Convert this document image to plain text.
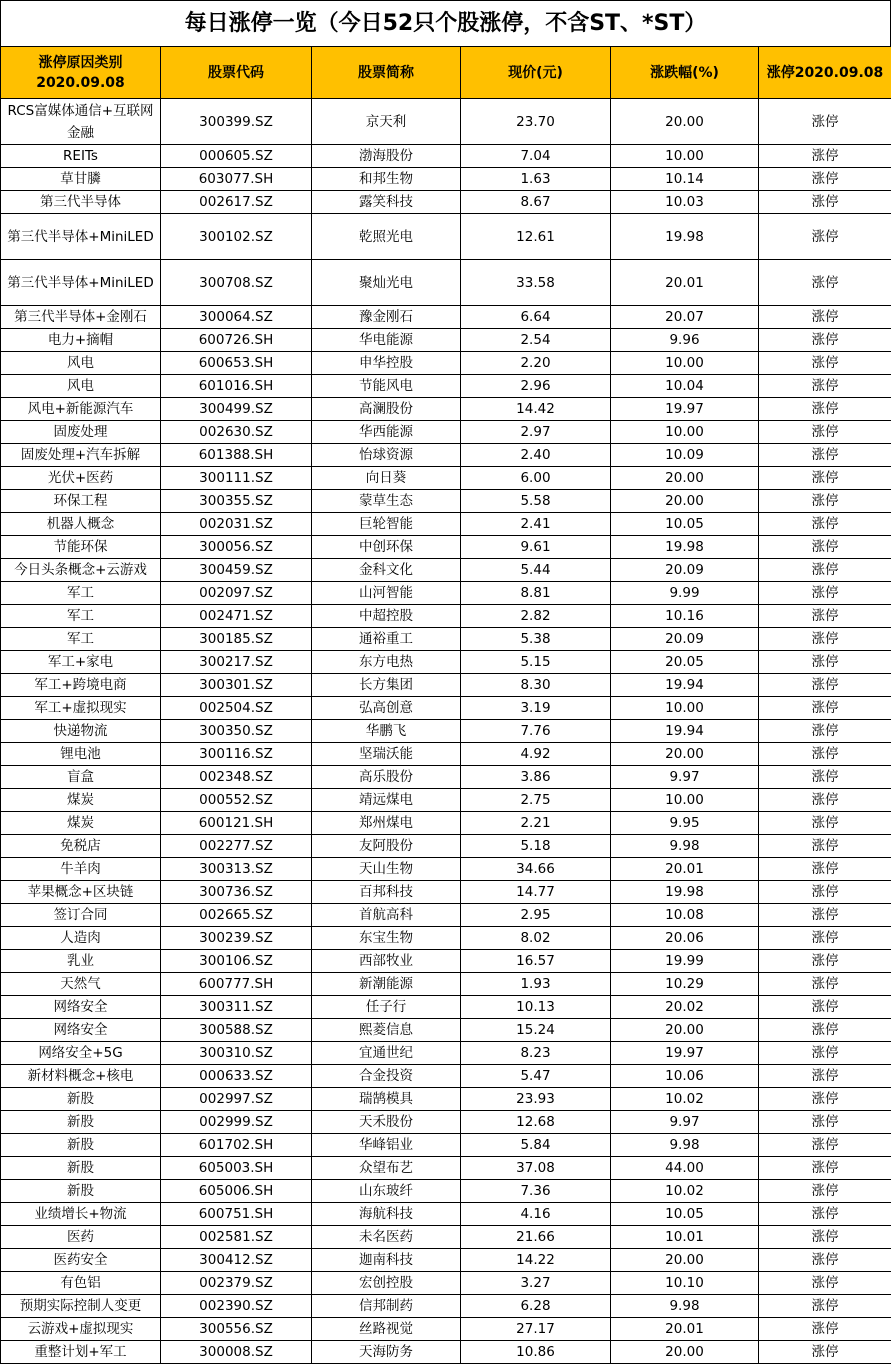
每日涨停一览（今日52只个股涨停，不含ST、*ST）
涨停原因类别
2020.09.08	股票代码	股票简称	现价(元)	涨跌幅(%)	涨停2020.09.08
RCS富媒体通信+互联网金融	300399.SZ	京天利	23.70	20.00	涨停
REITs	000605.SZ	渤海股份	7.04	10.00	涨停
草甘膦	603077.SH	和邦生物	1.63	10.14	涨停
第三代半导体	002617.SZ	露笑科技	8.67	10.03	涨停
第三代半导体+MiniLED	300102.SZ	乾照光电	12.61	19.98	涨停
第三代半导体+MiniLED	300708.SZ	聚灿光电	33.58	20.01	涨停
第三代半导体+金刚石	300064.SZ	豫金刚石	6.64	20.07	涨停
电力+摘帽	600726.SH	华电能源	2.54	9.96	涨停
风电	600653.SH	申华控股	2.20	10.00	涨停
风电	601016.SH	节能风电	2.96	10.04	涨停
风电+新能源汽车	300499.SZ	高澜股份	14.42	19.97	涨停
固废处理	002630.SZ	华西能源	2.97	10.00	涨停
固废处理+汽车拆解	601388.SH	怡球资源	2.40	10.09	涨停
光伏+医药	300111.SZ	向日葵	6.00	20.00	涨停
环保工程	300355.SZ	蒙草生态	5.58	20.00	涨停
机器人概念	002031.SZ	巨轮智能	2.41	10.05	涨停
节能环保	300056.SZ	中创环保	9.61	19.98	涨停
今日头条概念+云游戏	300459.SZ	金科文化	5.44	20.09	涨停
军工	002097.SZ	山河智能	8.81	9.99	涨停
军工	002471.SZ	中超控股	2.82	10.16	涨停
军工	300185.SZ	通裕重工	5.38	20.09	涨停
军工+家电	300217.SZ	东方电热	5.15	20.05	涨停
军工+跨境电商	300301.SZ	长方集团	8.30	19.94	涨停
军工+虚拟现实	002504.SZ	弘高创意	3.19	10.00	涨停
快递物流	300350.SZ	华鹏飞	7.76	19.94	涨停
锂电池	300116.SZ	坚瑞沃能	4.92	20.00	涨停
盲盒	002348.SZ	高乐股份	3.86	9.97	涨停
煤炭	000552.SZ	靖远煤电	2.75	10.00	涨停
煤炭	600121.SH	郑州煤电	2.21	9.95	涨停
免税店	002277.SZ	友阿股份	5.18	9.98	涨停
牛羊肉	300313.SZ	天山生物	34.66	20.01	涨停
苹果概念+区块链	300736.SZ	百邦科技	14.77	19.98	涨停
签订合同	002665.SZ	首航高科	2.95	10.08	涨停
人造肉	300239.SZ	东宝生物	8.02	20.06	涨停
乳业	300106.SZ	西部牧业	16.57	19.99	涨停
天然气	600777.SH	新潮能源	1.93	10.29	涨停
网络安全	300311.SZ	任子行	10.13	20.02	涨停
网络安全	300588.SZ	熙菱信息	15.24	20.00	涨停
网络安全+5G	300310.SZ	宜通世纪	8.23	19.97	涨停
新材料概念+核电	000633.SZ	合金投资	5.47	10.06	涨停
新股	002997.SZ	瑞鹄模具	23.93	10.02	涨停
新股	002999.SZ	天禾股份	12.68	9.97	涨停
新股	601702.SH	华峰铝业	5.84	9.98	涨停
新股	605003.SH	众望布艺	37.08	44.00	涨停
新股	605006.SH	山东玻纤	7.36	10.02	涨停
业绩增长+物流	600751.SH	海航科技	4.16	10.05	涨停
医药	002581.SZ	未名医药	21.66	10.01	涨停
医药安全	300412.SZ	迦南科技	14.22	20.00	涨停
有色铝	002379.SZ	宏创控股	3.27	10.10	涨停
预期实际控制人变更	002390.SZ	信邦制药	6.28	9.98	涨停
云游戏+虚拟现实	300556.SZ	丝路视觉	27.17	20.01	涨停
重整计划+军工	300008.SZ	天海防务	10.86	20.00	涨停
